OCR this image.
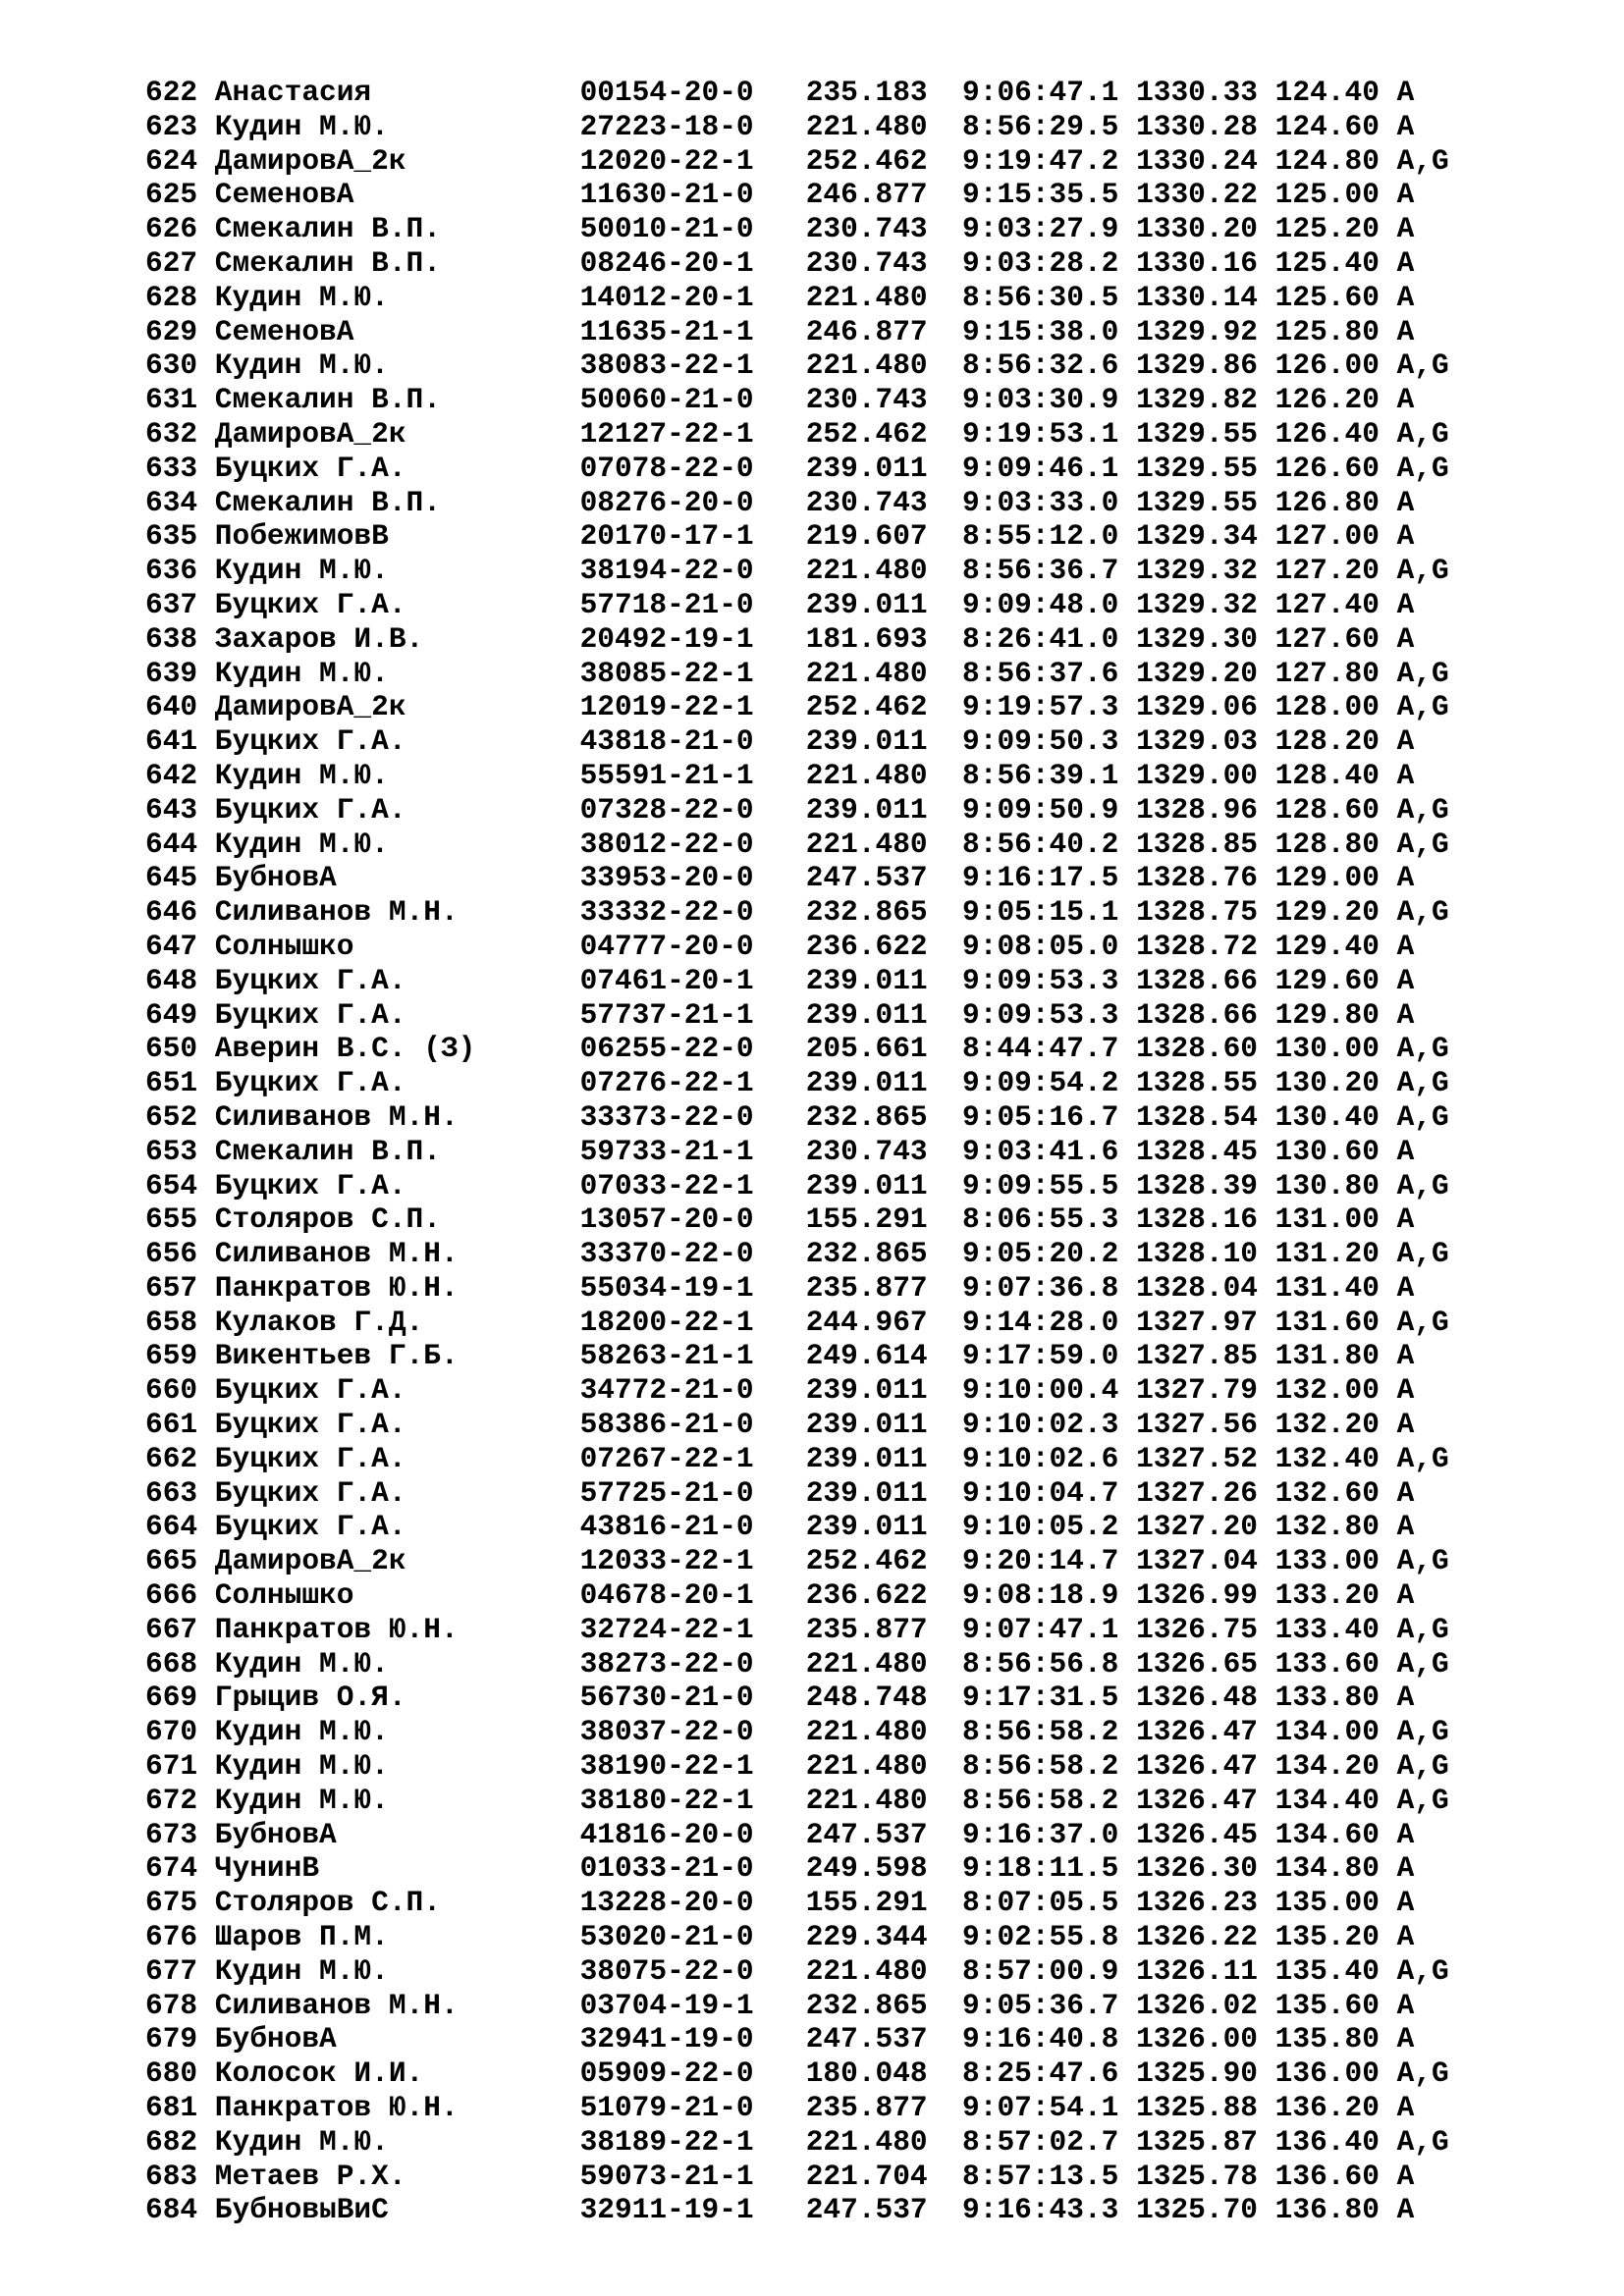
622 Анастасия            00154-20-0   235.183  9:06:47.1 1330.33 124.40 A
623 Кудин М.Ю.           27223-18-0   221.480  8:56:29.5 1330.28 124.60 A
624 ДамировА_2к          12020-22-1   252.462  9:19:47.2 1330.24 124.80 A,G
625 СеменовА             11630-21-0   246.877  9:15:35.5 1330.22 125.00 A
626 Смекалин В.П.        50010-21-0   230.743  9:03:27.9 1330.20 125.20 A
627 Смекалин В.П.        08246-20-1   230.743  9:03:28.2 1330.16 125.40 A
628 Кудин М.Ю.           14012-20-1   221.480  8:56:30.5 1330.14 125.60 A
629 СеменовА             11635-21-1   246.877  9:15:38.0 1329.92 125.80 A
630 Кудин М.Ю.           38083-22-1   221.480  8:56:32.6 1329.86 126.00 A,G
631 Смекалин В.П.        50060-21-0   230.743  9:03:30.9 1329.82 126.20 A
632 ДамировА_2к          12127-22-1   252.462  9:19:53.1 1329.55 126.40 A,G
633 Буцких Г.А.          07078-22-0   239.011  9:09:46.1 1329.55 126.60 A,G
634 Смекалин В.П.        08276-20-0   230.743  9:03:33.0 1329.55 126.80 A
635 ПобежимовВ           20170-17-1   219.607  8:55:12.0 1329.34 127.00 A
636 Кудин М.Ю.           38194-22-0   221.480  8:56:36.7 1329.32 127.20 A,G
637 Буцких Г.А.          57718-21-0   239.011  9:09:48.0 1329.32 127.40 A
638 Захаров И.В.         20492-19-1   181.693  8:26:41.0 1329.30 127.60 A
639 Кудин М.Ю.           38085-22-1   221.480  8:56:37.6 1329.20 127.80 A,G
640 ДамировА_2к          12019-22-1   252.462  9:19:57.3 1329.06 128.00 A,G
641 Буцких Г.А.          43818-21-0   239.011  9:09:50.3 1329.03 128.20 A
642 Кудин М.Ю.           55591-21-1   221.480  8:56:39.1 1329.00 128.40 A
643 Буцких Г.А.          07328-22-0   239.011  9:09:50.9 1328.96 128.60 A,G
644 Кудин М.Ю.           38012-22-0   221.480  8:56:40.2 1328.85 128.80 A,G
645 БубновА              33953-20-0   247.537  9:16:17.5 1328.76 129.00 A
646 Силиванов М.Н.       33332-22-0   232.865  9:05:15.1 1328.75 129.20 A,G
647 Солнышко             04777-20-0   236.622  9:08:05.0 1328.72 129.40 A
648 Буцких Г.А.          07461-20-1   239.011  9:09:53.3 1328.66 129.60 A
649 Буцких Г.А.          57737-21-1   239.011  9:09:53.3 1328.66 129.80 A
650 Аверин В.С. (З)      06255-22-0   205.661  8:44:47.7 1328.60 130.00 A,G
651 Буцких Г.А.          07276-22-1   239.011  9:09:54.2 1328.55 130.20 A,G
652 Силиванов М.Н.       33373-22-0   232.865  9:05:16.7 1328.54 130.40 A,G
653 Смекалин В.П.        59733-21-1   230.743  9:03:41.6 1328.45 130.60 A
654 Буцких Г.А.          07033-22-1   239.011  9:09:55.5 1328.39 130.80 A,G
655 Столяров С.П.        13057-20-0   155.291  8:06:55.3 1328.16 131.00 A
656 Силиванов М.Н.       33370-22-0   232.865  9:05:20.2 1328.10 131.20 A,G
657 Панкратов Ю.Н.       55034-19-1   235.877  9:07:36.8 1328.04 131.40 A
658 Кулаков Г.Д.         18200-22-1   244.967  9:14:28.0 1327.97 131.60 A,G
659 Викентьев Г.Б.       58263-21-1   249.614  9:17:59.0 1327.85 131.80 A
660 Буцких Г.А.          34772-21-0   239.011  9:10:00.4 1327.79 132.00 A
661 Буцких Г.А.          58386-21-0   239.011  9:10:02.3 1327.56 132.20 A
662 Буцких Г.А.          07267-22-1   239.011  9:10:02.6 1327.52 132.40 A,G
663 Буцких Г.А.          57725-21-0   239.011  9:10:04.7 1327.26 132.60 A
664 Буцких Г.А.          43816-21-0   239.011  9:10:05.2 1327.20 132.80 A
665 ДамировА_2к          12033-22-1   252.462  9:20:14.7 1327.04 133.00 A,G
666 Солнышко             04678-20-1   236.622  9:08:18.9 1326.99 133.20 A
667 Панкратов Ю.Н.       32724-22-1   235.877  9:07:47.1 1326.75 133.40 A,G
668 Кудин М.Ю.           38273-22-0   221.480  8:56:56.8 1326.65 133.60 A,G
669 Грыцив О.Я.          56730-21-0   248.748  9:17:31.5 1326.48 133.80 A
670 Кудин М.Ю.           38037-22-0   221.480  8:56:58.2 1326.47 134.00 A,G
671 Кудин М.Ю.           38190-22-1   221.480  8:56:58.2 1326.47 134.20 A,G
672 Кудин М.Ю.           38180-22-1   221.480  8:56:58.2 1326.47 134.40 A,G
673 БубновА              41816-20-0   247.537  9:16:37.0 1326.45 134.60 A
674 ЧунинВ               01033-21-0   249.598  9:18:11.5 1326.30 134.80 A
675 Столяров С.П.        13228-20-0   155.291  8:07:05.5 1326.23 135.00 A
676 Шаров П.М.           53020-21-0   229.344  9:02:55.8 1326.22 135.20 A
677 Кудин М.Ю.           38075-22-0   221.480  8:57:00.9 1326.11 135.40 A,G
678 Силиванов М.Н.       03704-19-1   232.865  9:05:36.7 1326.02 135.60 A
679 БубновА              32941-19-0   247.537  9:16:40.8 1326.00 135.80 A
680 Колосок И.И.         05909-22-0   180.048  8:25:47.6 1325.90 136.00 A,G
681 Панкратов Ю.Н.       51079-21-0   235.877  9:07:54.1 1325.88 136.20 A
682 Кудин М.Ю.           38189-22-1   221.480  8:57:02.7 1325.87 136.40 A,G
683 Метаев Р.Х.          59073-21-1   221.704  8:57:13.5 1325.78 136.60 A
684 БубновыВиС           32911-19-1   247.537  9:16:43.3 1325.70 136.80 A
